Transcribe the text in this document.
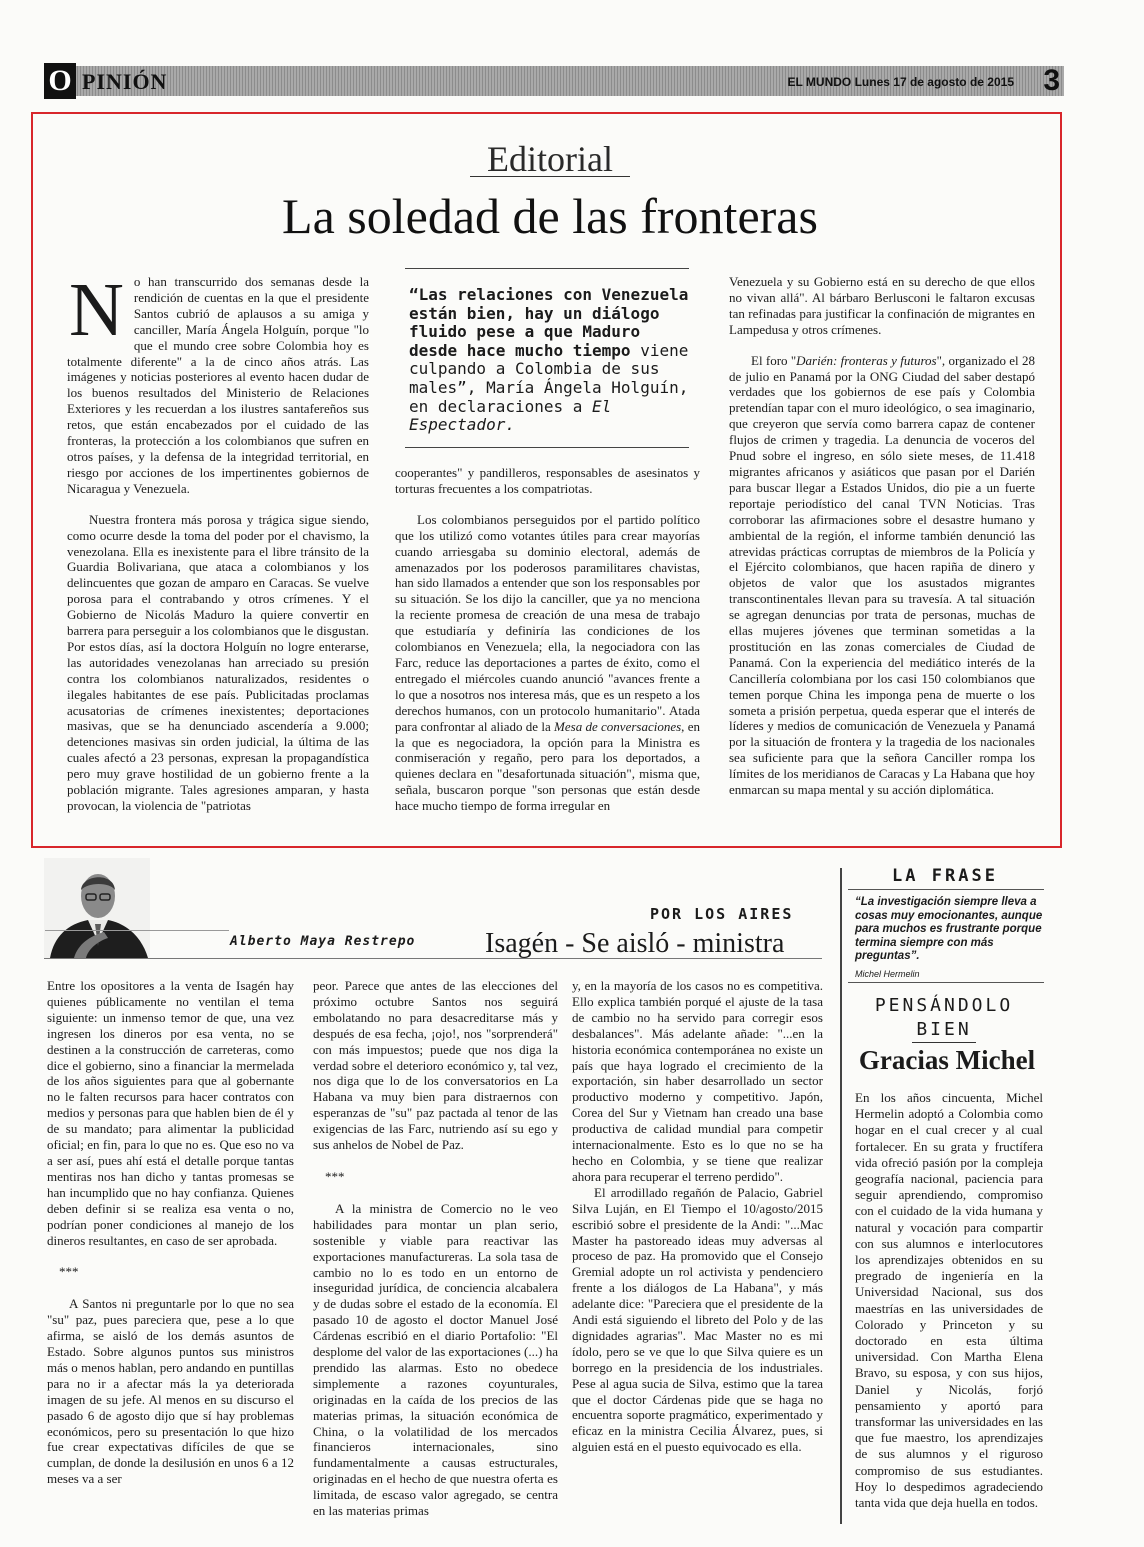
O PINIÓN	EL MUNDO Lunes 17 de agosto de 2015 3
Editorial
La soledad de las fronteras

No han transcurrido dos semanas desde la rendición de cuentas en la que el presidente Santos cubrió de aplausos a su amiga y canciller, María Ángela Holguín, porque "lo que el mundo cree sobre Colombia hoy es totalmente diferente" a la de cinco años atrás. Las imágenes y noticias posteriores al evento hacen dudar de los buenos resultados del Ministerio de Relaciones Exteriores y les recuerdan a los ilustres santafereños sus retos, que están encabezados por el cuidado de las fronteras, la protección a los colombianos que sufren en otros países, y la defensa de la integridad territorial, en riesgo por acciones de los impertinentes gobiernos de Nicaragua y Venezuela.

Nuestra frontera más porosa y trágica sigue siendo, como ocurre desde la toma del poder por el chavismo, la venezolana. Ella es inexistente para el libre tránsito de la Guardia Bolivariana, que ataca a colombianos y los delincuentes que gozan de amparo en Caracas. Se vuelve porosa para el contrabando y otros crímenes. Y el Gobierno de Nicolás Maduro la quiere convertir en barrera para perseguir a los colombianos que le disgustan. Por estos días, así la doctora Holguín no logre enterarse, las autoridades venezolanas han arreciado su presión contra los colombianos naturalizados, residentes o ilegales habitantes de ese país. Publicitadas proclamas acusatorias de crímenes inexistentes; deportaciones masivas, que se ha denunciado ascendería a 9.000; detenciones masivas sin orden judicial, la última de las cuales afectó a 23 personas, expresan la propagandística pero muy grave hostilidad de un gobierno frente a la población migrante. Tales agresiones amparan, y hasta provocan, la violencia de "patriotas

“Las relaciones con Venezuela están bien, hay un diálogo fluido pese a que Maduro desde hace mucho tiempo viene culpando a Colombia de sus males”, María Ángela Holguín, en declaraciones a El Espectador.

cooperantes" y pandilleros, responsables de asesinatos y torturas frecuentes a los compatriotas.

Los colombianos perseguidos por el partido político que los utilizó como votantes útiles para crear mayorías cuando arriesgaba su dominio electoral, además de amenazados por los poderosos paramilitares chavistas, han sido llamados a entender que son los responsables por su situación. Se los dijo la canciller, que ya no menciona la reciente promesa de creación de una mesa de trabajo que estudiaría y definiría las condiciones de los colombianos en Venezuela; ella, la negociadora con las Farc, reduce las deportaciones a partes de éxito, como el entregado el miércoles cuando anunció "avances frente a lo que a nosotros nos interesa más, que es un respeto a los derechos humanos, con un protocolo humanitario". Atada para confrontar al aliado de la Mesa de conversaciones, en la que es negociadora, la opción para la Ministra es conmiseración y regaño, pero para los deportados, a quienes declara en "desafortunada situación", misma que, señala, buscaron porque "son personas que están desde hace mucho tiempo de forma irregular en

Venezuela y su Gobierno está en su derecho de que ellos no vivan allá". Al bárbaro Berlusconi le faltaron excusas tan refinadas para justificar la confinación de migrantes en Lampedusa y otros crímenes.

El foro "Darién: fronteras y futuros", organizado el 28 de julio en Panamá por la ONG Ciudad del saber destapó verdades que los gobiernos de ese país y Colombia pretendían tapar con el muro ideológico, o sea imaginario, que creyeron que servía como barrera capaz de contener flujos de crimen y tragedia. La denuncia de voceros del Pnud sobre el ingreso, en sólo siete meses, de 11.418 migrantes africanos y asiáticos que pasan por el Darién para buscar llegar a Estados Unidos, dio pie a un fuerte reportaje periodístico del canal TVN Noticias. Tras corroborar las afirmaciones sobre el desastre humano y ambiental de la región, el informe también denunció las atrevidas prácticas corruptas de miembros de la Policía y el Ejército colombianos, que hacen rapiña de dinero y objetos de valor que los asustados migrantes transcontinentales llevan para su travesía. A tal situación se agregan denuncias por trata de personas, muchas de ellas mujeres jóvenes que terminan sometidas a la prostitución en las zonas comerciales de Ciudad de Panamá. Con la experiencia del mediático interés de la Cancillería colombiana por los casi 150 colombianos que temen porque China les imponga pena de muerte o los someta a prisión perpetua, queda esperar que el interés de líderes y medios de comunicación de Venezuela y Panamá por la situación de frontera y la tragedia de los nacionales sea suficiente para que la señora Canciller rompa los límites de los meridianos de Caracas y La Habana que hoy enmarcan su mapa mental y su acción diplomática.

POR LOS AIRES
Alberto Maya Restrepo Isagén - Se aisló - ministra

Entre los opositores a la venta de Isagén hay quienes públicamente no ventilan el tema siguiente: un inmenso temor de que, una vez ingresen los dineros por esa venta, no se destinen a la construcción de carreteras, como dice el gobierno, sino a financiar la mermelada de los años siguientes para que al gobernante no le falten recursos para hacer contratos con medios y personas para que hablen bien de él y de su mandato; para alimentar la publicidad oficial; en fin, para lo que no es. Que eso no va a ser así, pues ahí está el detalle porque tantas mentiras nos han dicho y tantas promesas se han incumplido que no hay confianza. Quienes deben definir si se realiza esa venta o no, podrían poner condiciones al manejo de los dineros resultantes, en caso de ser aprobada.

***

A Santos ni preguntarle por lo que no sea "su" paz, pues pareciera que, pese a lo que afirma, se aisló de los demás asuntos de Estado. Sobre algunos puntos sus ministros más o menos hablan, pero andando en puntillas para no ir a afectar más la ya deteriorada imagen de su jefe. Al menos en su discurso el pasado 6 de agosto dijo que sí hay problemas económicos, pero su presentación lo que hizo fue crear expectativas difíciles de que se cumplan, de donde la desilusión en unos 6 a 12 meses va a ser

peor. Parece que antes de las elecciones del próximo octubre Santos nos seguirá embolatando no para desacreditarse más y después de esa fecha, ¡ojo!, nos "sorprenderá" con más impuestos; puede que nos diga la verdad sobre el deterioro económico y, tal vez, nos diga que lo de los conversatorios en La Habana va muy bien para distraernos con esperanzas de "su" paz pactada al tenor de las exigencias de las Farc, nutriendo así su ego y sus anhelos de Nobel de Paz.

***

A la ministra de Comercio no le veo habilidades para montar un plan serio, sostenible y viable para reactivar las exportaciones manufactureras. La sola tasa de cambio no lo es todo en un entorno de inseguridad jurídica, de conciencia alcabalera y de dudas sobre el estado de la economía. El pasado 10 de agosto el doctor Manuel José Cárdenas escribió en el diario Portafolio: "El desplome del valor de las exportaciones (...) ha prendido las alarmas. Esto no obedece simplemente a razones coyunturales, originadas en la caída de los precios de las materias primas, la situación económica de China, o la volatilidad de los mercados financieros internacionales, sino fundamentalmente a causas estructurales, originadas en el hecho de que nuestra oferta es limitada, de escaso valor agregado, se centra en las materias primas

y, en la mayoría de los casos no es competitiva. Ello explica también porqué el ajuste de la tasa de cambio no ha servido para corregir esos desbalances". Más adelante añade: "...en la historia económica contemporánea no existe un país que haya logrado el crecimiento de la exportación, sin haber desarrollado un sector productivo moderno y competitivo. Japón, Corea del Sur y Vietnam han creado una base productiva de calidad mundial para competir internacionalmente. Esto es lo que no se ha hecho en Colombia, y se tiene que realizar ahora para recuperar el terreno perdido".

El arrodillado regañón de Palacio, Gabriel Silva Luján, en El Tiempo el 10/agosto/2015 escribió sobre el presidente de la Andi: "...Mac Master ha pastoreado ideas muy adversas al proceso de paz. Ha promovido que el Consejo Gremial adopte un rol activista y pendenciero frente a los diálogos de La Habana", y más adelante dice: "Pareciera que el presidente de la Andi está siguiendo el libreto del Polo y de las dignidades agrarias". Mac Master no es mi ídolo, pero se ve que lo que Silva quiere es un borrego en la presidencia de los industriales. Pese al agua sucia de Silva, estimo que la tarea que el doctor Cárdenas pide que se haga no encuentra soporte pragmático, experimentado y eficaz en la ministra Cecilia Álvarez, pues, si alguien está en el puesto equivocado es ella.

LA FRASE
“La investigación siempre lleva a cosas muy emocionantes, aunque para muchos es frustrante porque termina siempre con más preguntas”.
Michel Hermelin
PENSÁNDOLO
BIEN
Gracias Michel
En los años cincuenta, Michel Hermelin adoptó a Colombia como hogar en el cual crecer y al cual fortalecer. En su grata y fructífera vida ofreció pasión por la compleja geografía nacional, paciencia para seguir aprendiendo, compromiso con el cuidado de la vida humana y natural y vocación para compartir con sus alumnos e interlocutores los aprendizajes obtenidos en su pregrado de ingeniería en la Universidad Nacional, sus dos maestrías en las universidades de Colorado y Princeton y su doctorado en esta última universidad. Con Martha Elena Bravo, su esposa, y con sus hijos, Daniel y Nicolás, forjó pensamiento y aportó para transformar las universidades en las que fue maestro, los aprendizajes de sus alumnos y el riguroso compromiso de sus estudiantes. Hoy lo despedimos agradeciendo tanta vida que deja huella en todos.
